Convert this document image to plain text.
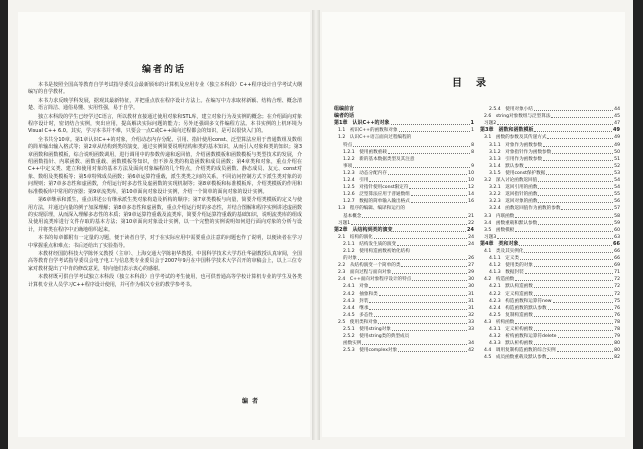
编者的话

本书是按照全国高等教育自学考试指导委员会最新颁布的计算机及应用专业（独立本科段）C++程序设计自学考试大纲编写的自学教材。

本书力求反映学科发展，据观其最新特征，并把重点放在程序设计方法上。在编写中力求取材新颖、结构合理、概念清楚、语言简洁、通俗易懂、实用性强，易于自学。

独立本科段的学生已经学过C语言，所以教材直接通过使用对象和STL库，建立对象行为及实例的概念；在介绍面向对象程序设计时，密切结合实例，突出应用，提高解决实际问题的能力；另外还强调多文件编程方法。本书实例的上机环境为Visual C++ 6.0。其实，学习本书并不难，只要会一点C或C++面向过程都会的知识，是可以很快入门的。

全书共分10章。第1章认识C++的对象，介绍动态内存分配、引用、指针使用const、泛型算法应用于普通数组及数组的简单输出输入格式等；第2章从结构到类的演变，通过实例简要说明结构和类的基本知识，从而引入对象和类的知识；第3章函数和函数模板，综合说明函数调用，进行调用中的参数传递和返回值，介绍函数模板和函数模板与类型技术的发展，介绍函数指针、内联函数、函数重载、函数模板等知识，但不涉及类的构造函数和成员函数；第4章类和对象，重点介绍在C++中定义类、建立和使用对象的基本方法及面向对象编程的几个特点，介绍类的成员函数、静态成员、友元、const对象、数组及类模板等；第5章特殊成员函数；第6章运算符重载，派生类类之间的关系，不同访问控制方式下派生类对象的访问规则；第7章多态性和虚函数，介绍运行时多态性及虚函数的实现机制等；第8章模板和标准模板库，介绍类模板的作用和标准模板库中常用的容器；第9章流类库，第10章面向对象设计实例，介绍一个简单的面向对象的设计实例。

第6章继承和派生，重点讲述公有继承派生类对象构造及析构的顺序；第7章类模板与向量，简要介绍类模板的定义与使用方法，并通过向量的例子加深理解；第8章多态性和虚函数，重点介绍运行时的多态性，并结合图解和程序实例讲述虚函数的实现原理，从而深入理解多态性的本质；第9章运算符重载及流类库，简要介绍运算符重载的基础知识，说明流类库的组成及使用流类库进行文件存取的基本方法；第10章面向对象设计实例，以一个完整的实例说明如何进行面向对象的分析与设计，并将类在程序中正确地组织起来。

本书的每章都附有一定量的习题，便于读者自学，对于在实际应用中需要重点注意的问题也作了说明，以便读者在学习中掌握重点和难点；书后还给出了实验指导。

本教材经国防科技大学陈怀义教授（主审）、上海交通大学陈祖华教授、中国科学技术大学苏仕华副教授认真审阅，全国高等教育自学考试指导委员会电子电工与信息类专业委员会于2007年9月在中国科学技术大学召开的审稿会上，以上三位专家对教材提出了中肯的修改意见，特向他们表示衷心的感谢。

本教材既可供自学考试独立本科段（独立本科段）自学考试的考生使用，也可供普通高等学校计算机专业的学生及各类计算机专业人员学习C++程序设计使用，并可作为相关专业的教学参考书。

编者
目录
组编前言
编者的话
第1章　认识C++的对象	1
1.1　初识C++的函数和对象	1
1.2　认识C++语言面向过程编程的
特点	8
1.2.1　使用函数重载	8
1.2.2　新的基本数据类型及其注意
事项	9
1.2.3　动态分配内存	10
1.2.4　引用	10
1.2.5　对指针使用const限定符	12
1.2.6　泛型算法应用于普通数组	14
1.2.7　数据的简单输入输出格式	16
1.3　程序的编辑、编译和运行的
基本概念	21
习题1	22
第2章　从结构到类的演变	24
2.1　结构的演化	24
2.1.1　结构发生质的演变	24
2.1.2　使用构造函数初始化结构
的对象	26
2.2　从结构演变一个简单的类	27
2.3　面向过程与面向对象	29
2.4　C++面向对象程序设计的特点	30
2.4.1　对象	30
2.4.2　抽象和类	31
2.4.3　封装	31
2.4.4　继承	31
2.4.5　多态性	32
2.5　使用类和对象	33
2.5.1　使用string对象	33
2.5.2　使用string类的典型成员
函数实例	34
2.5.3　使用complex对象	42
2.5.4　使用对象小结	44
2.6　string对象数组与泛型算法	45
习题2	47
第3章　函数和函数模板	49
3.1　函数的参数及其传递方式	49
3.1.1　对象作为函数参数	49
3.1.2　对象指针作为函数参数	50
3.1.3　引用作为函数参数	51
3.1.4　默认参数	52
3.1.5　使用const保护数据	53
3.2　深入讨论函数返回值	54
3.2.1　返回引用的函数	54
3.2.2　返回指针的函数	55
3.2.3　返回对象的函数	56
3.2.4　函数返回值作为函数的参数	57
3.3　内联函数	58
3.4　函数重载和默认参数	59
3.5　函数模板	60
习题3	63
第4章　类和对象	66
4.1　类及其实例化	66
4.1.1　定义类	66
4.1.2　使用类的对象	69
4.1.3　数据封装	71
4.2　构造函数	72
4.2.1　默认构造函数	72
4.2.2　定义构造函数	72
4.2.3　构造函数和运算符new	75
4.2.4　构造函数的默认参数	76
4.2.5　复制构造函数	76
4.3　析构函数	78
4.3.1　定义析构函数	78
4.3.2　析构函数和运算符delete	79
4.3.3　默认析构函数	80
4.4　调用复制构造函数的综合实例	80
4.5　成员函数重载及默认参数	82
